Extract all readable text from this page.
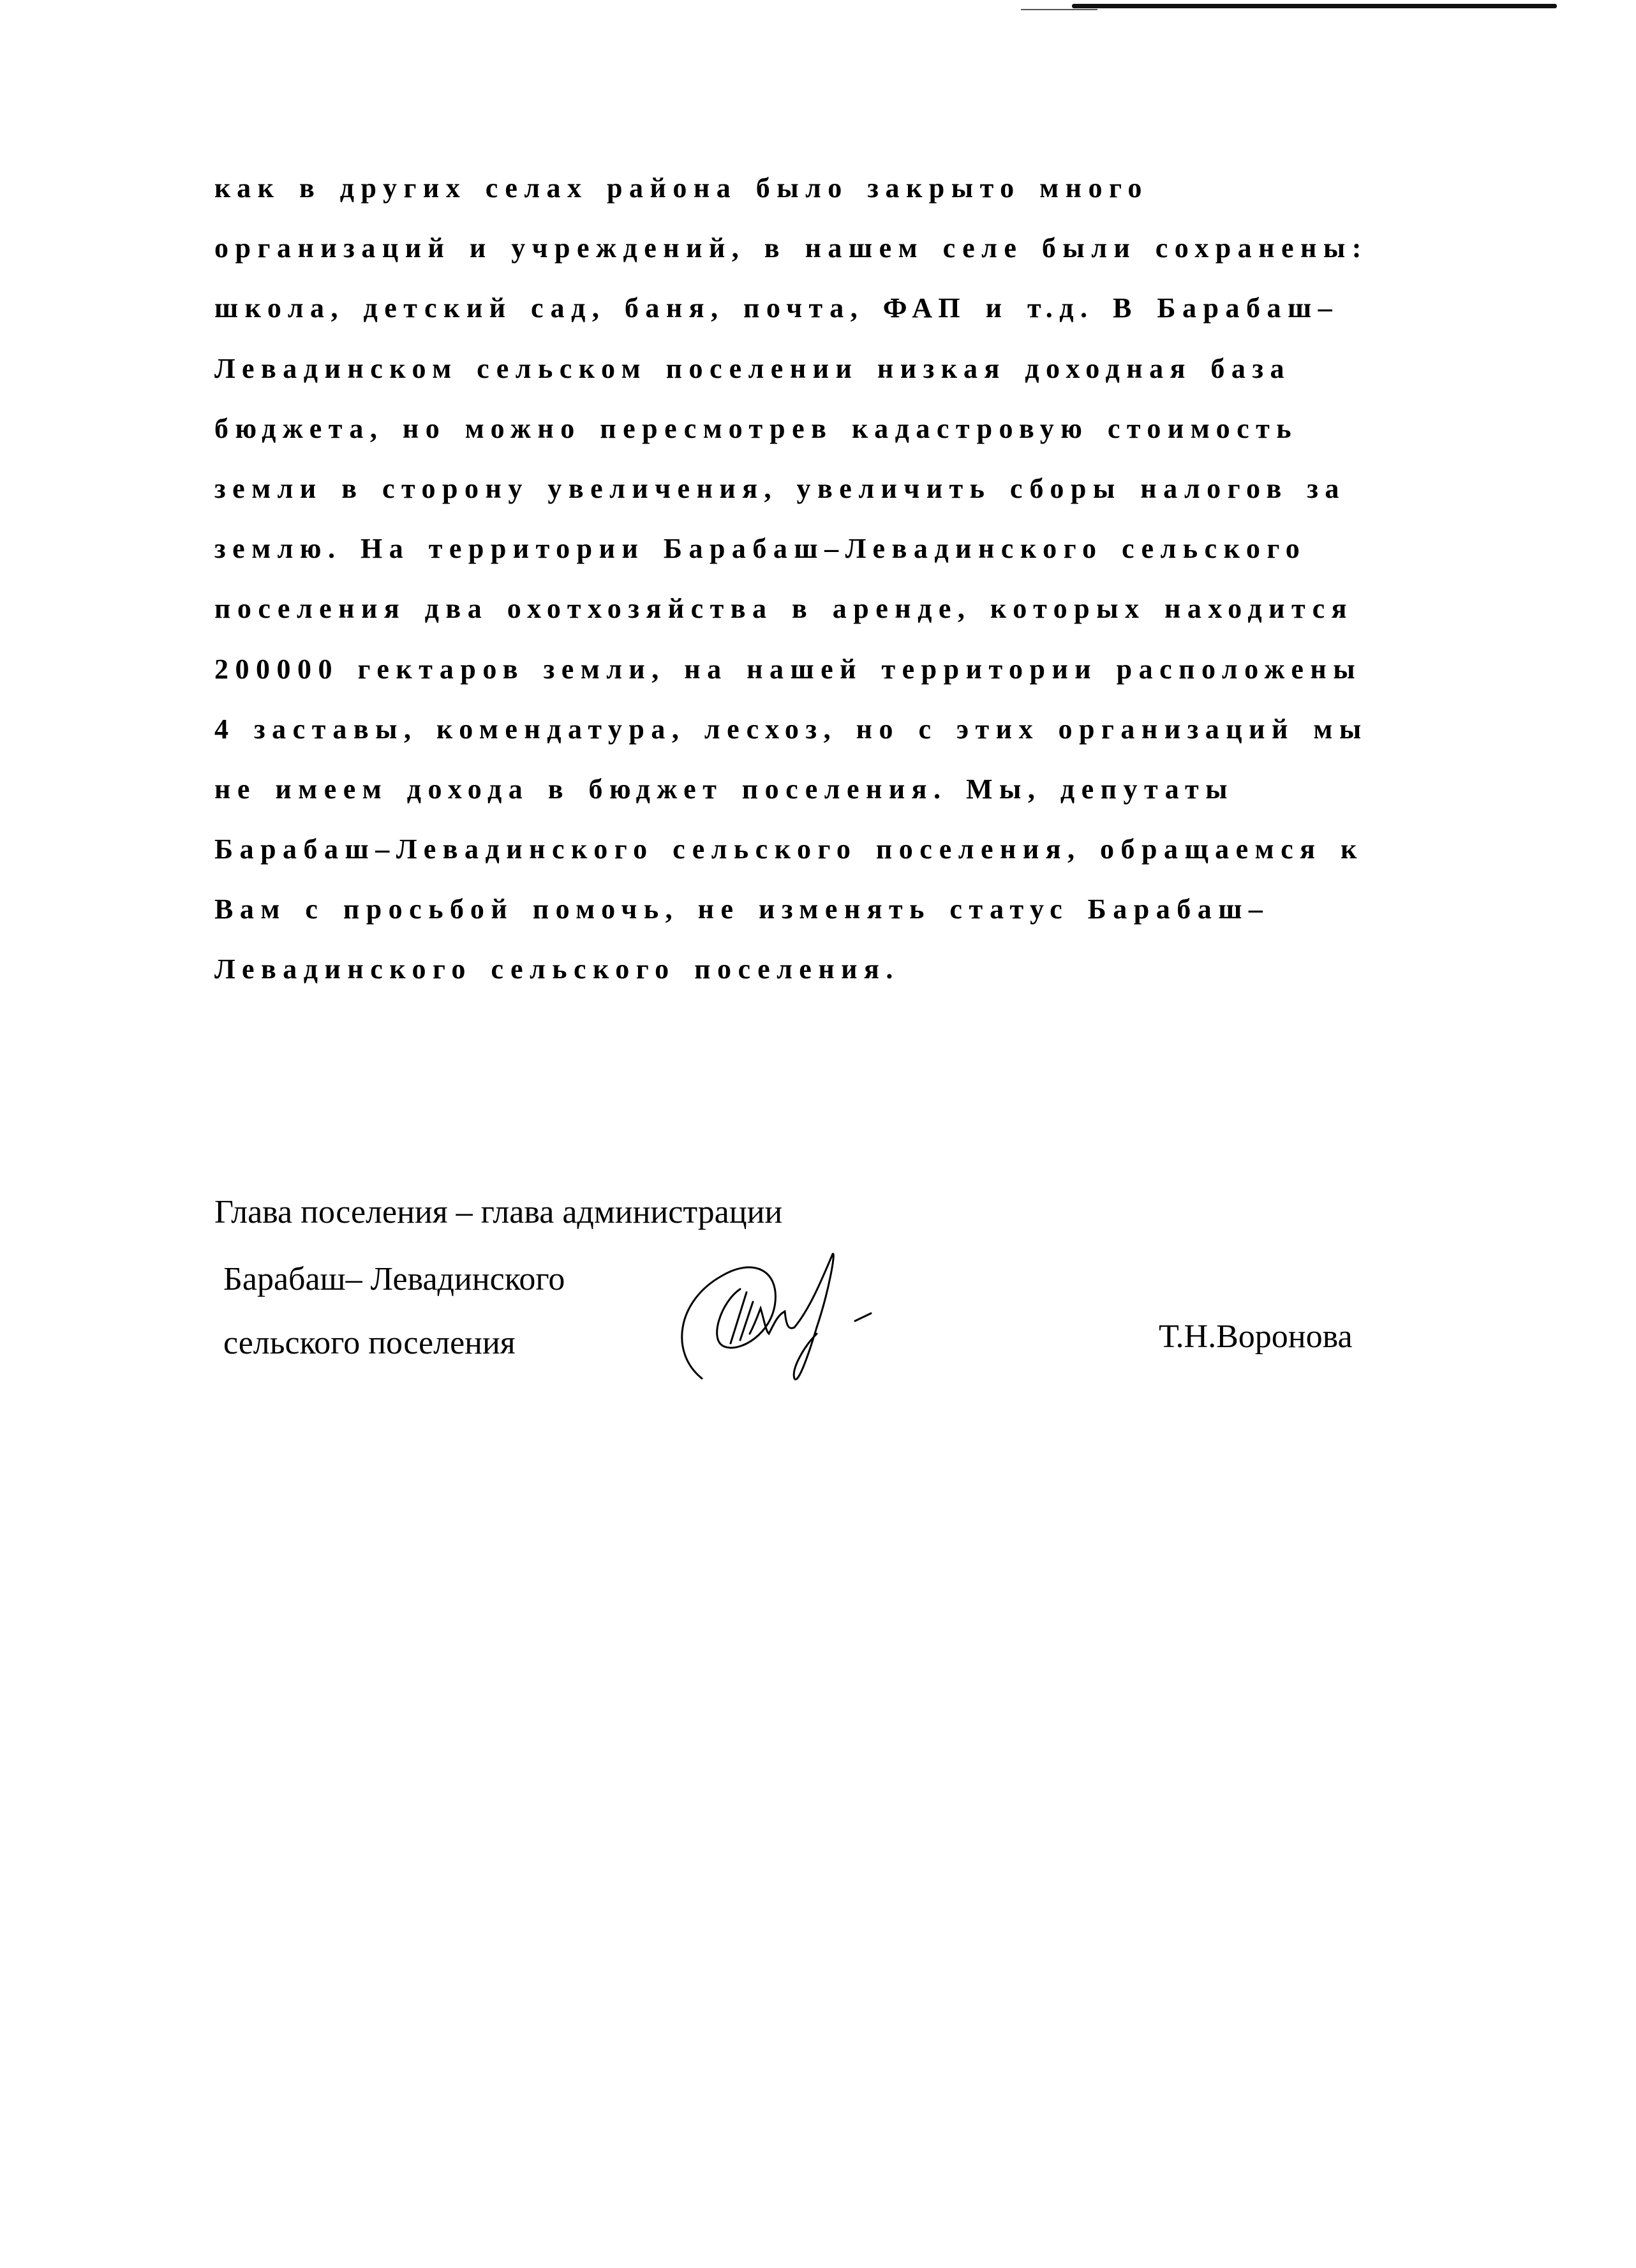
как в других селах района было закрыто много
организаций и учреждений, в нашем селе были сохранены:
школа, детский сад, баня, почта, ФАП и т.д. В Барабаш–
Левадинском сельском поселении низкая доходная база
бюджета, но можно пересмотрев кадастровую стоимость
земли в сторону увеличения, увеличить сборы налогов за
землю. На территории Барабаш–Левадинского сельского
поселения два охотхозяйства в аренде, которых находится
200000 гектаров земли, на нашей территории расположены
4 заставы, комендатура, лесхоз, но с этих организаций мы
не имеем дохода в бюджет поселения. Мы, депутаты
Барабаш–Левадинского сельского поселения, обращаемся к
Вам с просьбой помочь, не изменять статус Барабаш–
Левадинского сельского поселения.
Глава поселения – глава администрации
Барабаш– Левадинского
сельского поселения	Т.Н.Воронова
